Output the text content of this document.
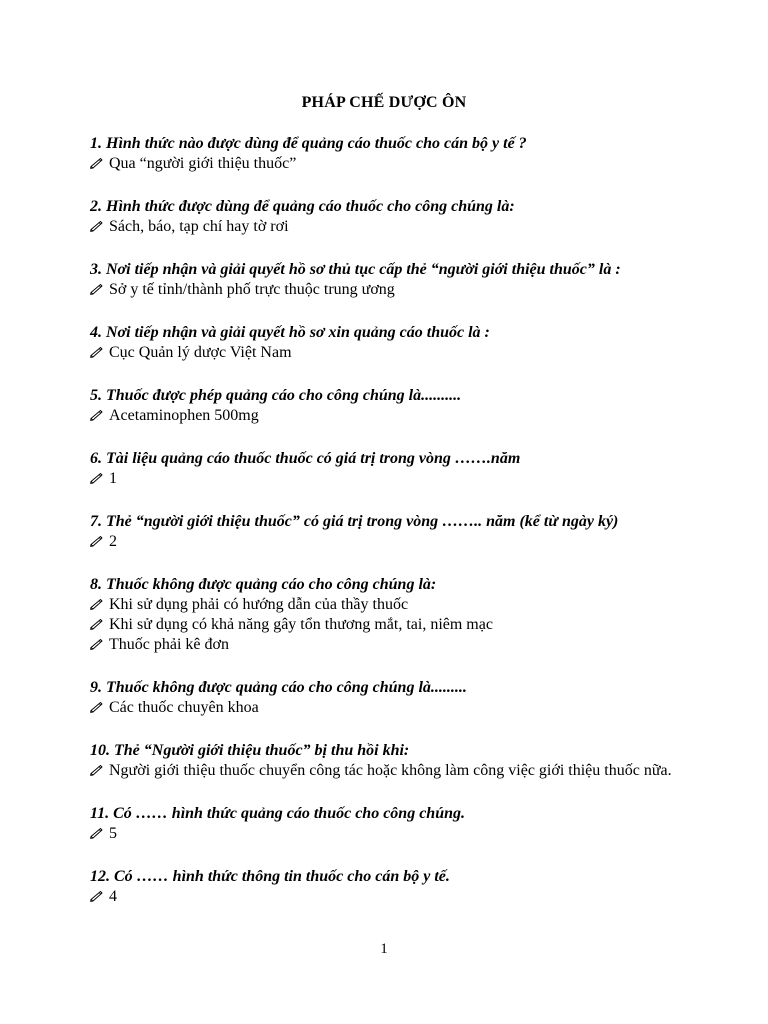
PHÁP CHẾ DƯỢC ÔN
1. Hình thức nào được dùng để quảng cáo thuốc cho cán bộ y tế ?
Qua “người giới thiệu thuốc”
2. Hình thức được dùng để quảng cáo thuốc cho công chúng là:
Sách, báo, tạp chí hay tờ rơi
3. Nơi tiếp nhận và giải quyết hồ sơ thủ tục cấp thẻ “người giới thiệu thuốc” là :
Sở y tế tỉnh/thành phố trực thuộc trung ương
4. Nơi tiếp nhận và giải quyết hồ sơ xin quảng cáo thuốc là :
Cục Quản lý dược Việt Nam
5. Thuốc được phép quảng cáo cho công chúng là..........
Acetaminophen 500mg
6. Tài liệu quảng cáo thuốc thuốc có giá trị trong vòng …….năm
1
7. Thẻ “người giới thiệu thuốc” có giá trị trong vòng …….. năm (kể từ ngày ký)
2
8. Thuốc không được quảng cáo cho công chúng là:
Khi sử dụng phải có hướng dẫn của thầy thuốc
Khi sử dụng có khả năng gây tổn thương mắt, tai, niêm mạc
Thuốc phải kê đơn
9. Thuốc không được quảng cáo cho công chúng là.........
Các thuốc chuyên khoa
10. Thẻ “Người giới thiệu thuốc” bị thu hồi khi:
Người giới thiệu thuốc chuyển công tác hoặc không làm công việc giới thiệu thuốc nữa.
11. Có …… hình thức quảng cáo thuốc cho công chúng.
5
12. Có …… hình thức thông tin thuốc cho cán bộ y tế.
4
1
